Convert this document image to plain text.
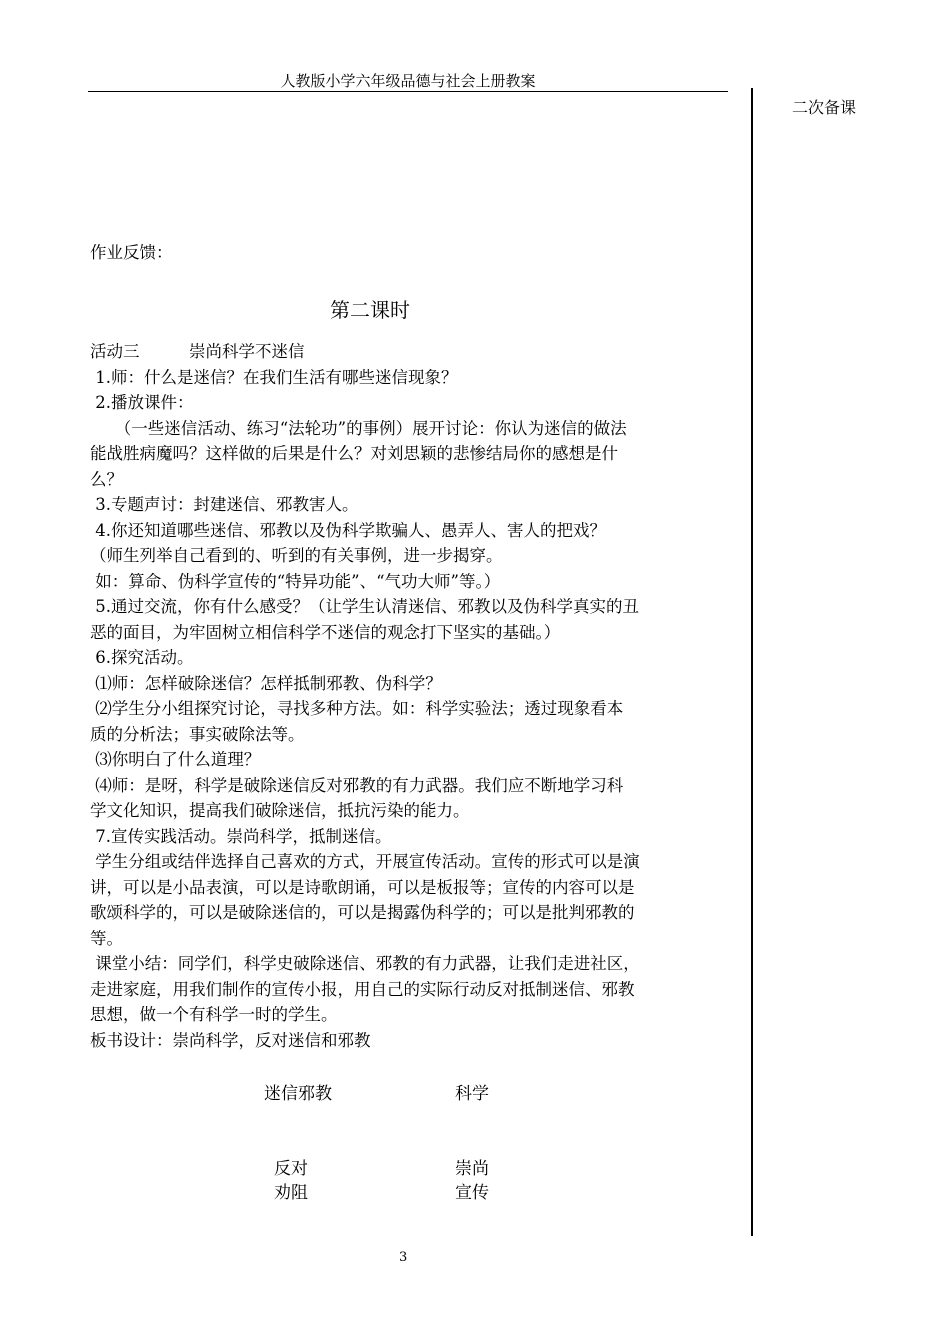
人教版小学六年级品德与社会上册教案
二次备课
作业反馈：
第二课时

活动三　　　崇尚科学不迷信

1.师：什么是迷信？在我们生活有哪些迷信现象？

2.播放课件：

　　（一些迷信活动、练习“法轮功”的事例）展开讨论：你认为迷信的做法

能战胜病魔吗？这样做的后果是什么？对刘思颖的悲惨结局你的感想是什

么？

3.专题声讨：封建迷信、邪教害人。

4.你还知道哪些迷信、邪教以及伪科学欺骗人、愚弄人、害人的把戏？

（师生列举自己看到的、听到的有关事例，进一步揭穿。

如：算命、伪科学宣传的“特异功能”、“气功大师”等。）

5.通过交流，你有什么感受？（让学生认清迷信、邪教以及伪科学真实的丑

恶的面目，为牢固树立相信科学不迷信的观念打下坚实的基础。）

6.探究活动。

⑴师：怎样破除迷信？怎样抵制邪教、伪科学？

⑵学生分小组探究讨论，寻找多种方法。如：科学实验法；透过现象看本

质的分析法；事实破除法等。

⑶你明白了什么道理？

⑷师：是呀，科学是破除迷信反对邪教的有力武器。我们应不断地学习科

学文化知识，提高我们破除迷信，抵抗污染的能力。

7.宣传实践活动。崇尚科学，抵制迷信。

学生分组或结伴选择自己喜欢的方式，开展宣传活动。宣传的形式可以是演

讲，可以是小品表演，可以是诗歌朗诵，可以是板报等；宣传的内容可以是

歌颂科学的，可以是破除迷信的，可以是揭露伪科学的；可以是批判邪教的

等。

课堂小结：同学们，科学史破除迷信、邪教的有力武器，让我们走进社区，

走进家庭，用我们制作的宣传小报，用自己的实际行动反对抵制迷信、邪教

思想，做一个有科学一时的学生。

板书设计：崇尚科学，反对迷信和邪教

迷信邪教	科学
反对
劝阻
崇尚
宣传
3
